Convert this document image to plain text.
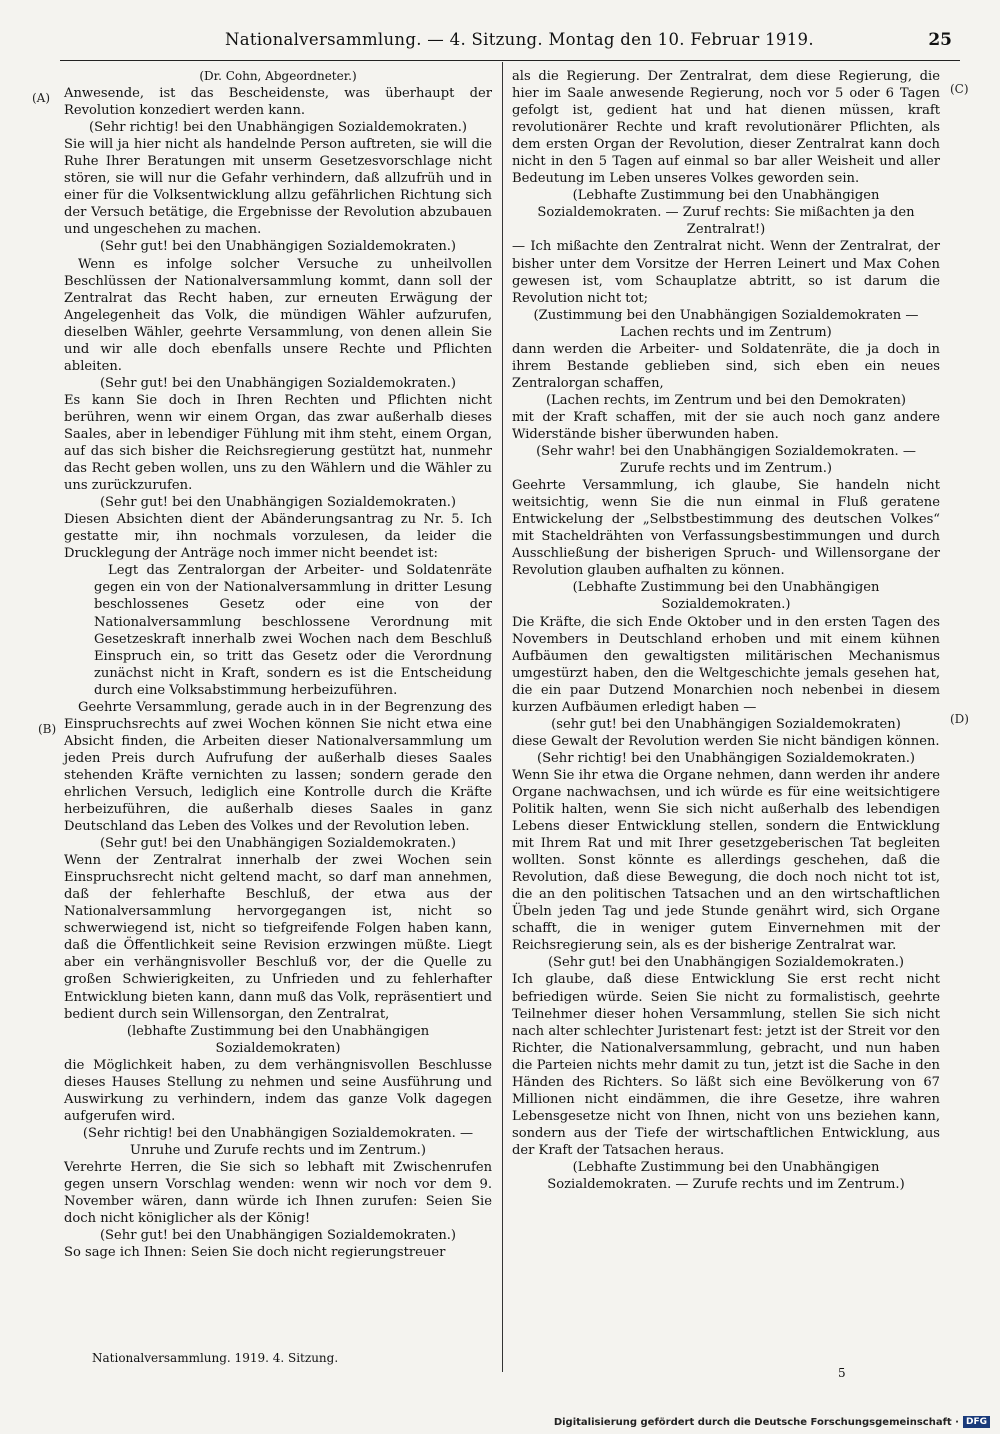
Nationalversammlung. — 4. Sitzung. Montag den 10. Februar 1919.	25
(A)
(B)
(C)
(D)

(Dr. Cohn, Abgeordneter.)

Anwesende, ist das Bescheidenste, was überhaupt der Revolution konzediert werden kann.

(Sehr richtig! bei den Unabhängigen Sozialdemokraten.)

Sie will ja hier nicht als handelnde Person auftreten, sie will die Ruhe Ihrer Beratungen mit unserm Gesetzesvorschlage nicht stören, sie will nur die Gefahr verhindern, daß allzufrüh und in einer für die Volksentwicklung allzu gefährlichen Richtung sich der Versuch betätige, die Ergebnisse der Revolution abzubauen und ungeschehen zu machen.

(Sehr gut! bei den Unabhängigen Sozialdemokraten.)

Wenn es infolge solcher Versuche zu unheilvollen Beschlüssen der Nationalversammlung kommt, dann soll der Zentralrat das Recht haben, zur erneuten Erwägung der Angelegenheit das Volk, die mündigen Wähler aufzurufen, dieselben Wähler, geehrte Versammlung, von denen allein Sie und wir alle doch ebenfalls unsere Rechte und Pflichten ableiten.

(Sehr gut! bei den Unabhängigen Sozialdemokraten.)

Es kann Sie doch in Ihren Rechten und Pflichten nicht berühren, wenn wir einem Organ, das zwar außerhalb dieses Saales, aber in lebendiger Fühlung mit ihm steht, einem Organ, auf das sich bisher die Reichsregierung gestützt hat, nunmehr das Recht geben wollen, uns zu den Wählern und die Wähler zu uns zurückzurufen.

(Sehr gut! bei den Unabhängigen Sozialdemokraten.)

Diesen Absichten dient der Abänderungsantrag zu Nr. 5. Ich gestatte mir, ihn nochmals vorzulesen, da leider die Drucklegung der Anträge noch immer nicht beendet ist:

Legt das Zentralorgan der Arbeiter- und Soldatenräte gegen ein von der Nationalversammlung in dritter Lesung beschlossenes Gesetz oder eine von der Nationalversammlung beschlossene Verordnung mit Gesetzeskraft innerhalb zwei Wochen nach dem Beschluß Einspruch ein, so tritt das Gesetz oder die Verordnung zunächst nicht in Kraft, sondern es ist die Entscheidung durch eine Volksabstimmung herbeizuführen.

Geehrte Versammlung, gerade auch in in der Begrenzung des Einspruchsrechts auf zwei Wochen können Sie nicht etwa eine Absicht finden, die Arbeiten dieser Nationalversammlung um jeden Preis durch Aufrufung der außerhalb dieses Saales stehenden Kräfte vernichten zu lassen; sondern gerade den ehrlichen Versuch, lediglich eine Kontrolle durch die Kräfte herbeizuführen, die außerhalb dieses Saales in ganz Deutschland das Leben des Volkes und der Revolution leben.

(Sehr gut! bei den Unabhängigen Sozialdemokraten.)

Wenn der Zentralrat innerhalb der zwei Wochen sein Einspruchsrecht nicht geltend macht, so darf man annehmen, daß der fehlerhafte Beschluß, der etwa aus der Nationalversammlung hervorgegangen ist, nicht so schwerwiegend ist, nicht so tiefgreifende Folgen haben kann, daß die Öffentlichkeit seine Revision erzwingen müßte. Liegt aber ein verhängnisvoller Beschluß vor, der die Quelle zu großen Schwierigkeiten, zu Unfrieden und zu fehlerhafter Entwicklung bieten kann, dann muß das Volk, repräsentiert und bedient durch sein Willensorgan, den Zentralrat,

(lebhafte Zustimmung bei den Unabhängigen Sozialdemokraten)

die Möglichkeit haben, zu dem verhängnisvollen Beschlusse dieses Hauses Stellung zu nehmen und seine Ausführung und Auswirkung zu verhindern, indem das ganze Volk dagegen aufgerufen wird.

(Sehr richtig! bei den Unabhängigen Sozialdemokraten. — Unruhe und Zurufe rechts und im Zentrum.)

Verehrte Herren, die Sie sich so lebhaft mit Zwischenrufen gegen unsern Vorschlag wenden: wenn wir noch vor dem 9. November wären, dann würde ich Ihnen zurufen: Seien Sie doch nicht königlicher als der König!

(Sehr gut! bei den Unabhängigen Sozialdemokraten.)

So sage ich Ihnen: Seien Sie doch nicht regierungstreuer

als die Regierung. Der Zentralrat, dem diese Regierung, die hier im Saale anwesende Regierung, noch vor 5 oder 6 Tagen gefolgt ist, gedient hat und hat dienen müssen, kraft revolutionärer Rechte und kraft revolutionärer Pflichten, als dem ersten Organ der Revolution, dieser Zentralrat kann doch nicht in den 5 Tagen auf einmal so bar aller Weisheit und aller Bedeutung im Leben unseres Volkes geworden sein.

(Lebhafte Zustimmung bei den Unabhängigen Sozialdemokraten. — Zuruf rechts: Sie mißachten ja den Zentralrat!)

— Ich mißachte den Zentralrat nicht. Wenn der Zentralrat, der bisher unter dem Vorsitze der Herren Leinert und Max Cohen gewesen ist, vom Schauplatze abtritt, so ist darum die Revolution nicht tot;

(Zustimmung bei den Unabhängigen Sozialdemokraten — Lachen rechts und im Zentrum)

dann werden die Arbeiter- und Soldatenräte, die ja doch in ihrem Bestande geblieben sind, sich eben ein neues Zentralorgan schaffen,

(Lachen rechts, im Zentrum und bei den Demokraten)

mit der Kraft schaffen, mit der sie auch noch ganz andere Widerstände bisher überwunden haben.

(Sehr wahr! bei den Unabhängigen Sozialdemokraten. — Zurufe rechts und im Zentrum.)

Geehrte Versammlung, ich glaube, Sie handeln nicht weitsichtig, wenn Sie die nun einmal in Fluß geratene Entwickelung der „Selbstbestimmung des deutschen Volkes“ mit Stacheldrähten von Verfassungsbestimmungen und durch Ausschließung der bisherigen Spruch- und Willensorgane der Revolution glauben aufhalten zu können.

(Lebhafte Zustimmung bei den Unabhängigen Sozialdemokraten.)

Die Kräfte, die sich Ende Oktober und in den ersten Tagen des Novembers in Deutschland erhoben und mit einem kühnen Aufbäumen den gewaltigsten militärischen Mechanismus umgestürzt haben, den die Weltgeschichte jemals gesehen hat, die ein paar Dutzend Monarchien noch nebenbei in diesem kurzen Aufbäumen erledigt haben —

(sehr gut! bei den Unabhängigen Sozialdemokraten)

diese Gewalt der Revolution werden Sie nicht bändigen können.

(Sehr richtig! bei den Unabhängigen Sozialdemokraten.)

Wenn Sie ihr etwa die Organe nehmen, dann werden ihr andere Organe nachwachsen, und ich würde es für eine weitsichtigere Politik halten, wenn Sie sich nicht außerhalb des lebendigen Lebens dieser Entwicklung stellen, sondern die Entwicklung mit Ihrem Rat und mit Ihrer gesetzgeberischen Tat begleiten wollten. Sonst könnte es allerdings geschehen, daß die Revolution, daß diese Bewegung, die doch noch nicht tot ist, die an den politischen Tatsachen und an den wirtschaftlichen Übeln jeden Tag und jede Stunde genährt wird, sich Organe schafft, die in weniger gutem Einvernehmen mit der Reichsregierung sein, als es der bisherige Zentralrat war.

(Sehr gut! bei den Unabhängigen Sozialdemokraten.)

Ich glaube, daß diese Entwicklung Sie erst recht nicht befriedigen würde. Seien Sie nicht zu formalistisch, geehrte Teilnehmer dieser hohen Versammlung, stellen Sie sich nicht nach alter schlechter Juristenart fest: jetzt ist der Streit vor den Richter, die Nationalversammlung, gebracht, und nun haben die Parteien nichts mehr damit zu tun, jetzt ist die Sache in den Händen des Richters. So läßt sich eine Bevölkerung von 67 Millionen nicht eindämmen, die ihre Gesetze, ihre wahren Lebensgesetze nicht von Ihnen, nicht von uns beziehen kann, sondern aus der Tiefe der wirtschaftlichen Entwicklung, aus der Kraft der Tatsachen heraus.

(Lebhafte Zustimmung bei den Unabhängigen Sozialdemokraten. — Zurufe rechts und im Zentrum.)

Nationalversammlung. 1919. 4. Sitzung.
5
Digitalisierung gefördert durch die Deutsche Forschungsgemeinschaft · DFG
